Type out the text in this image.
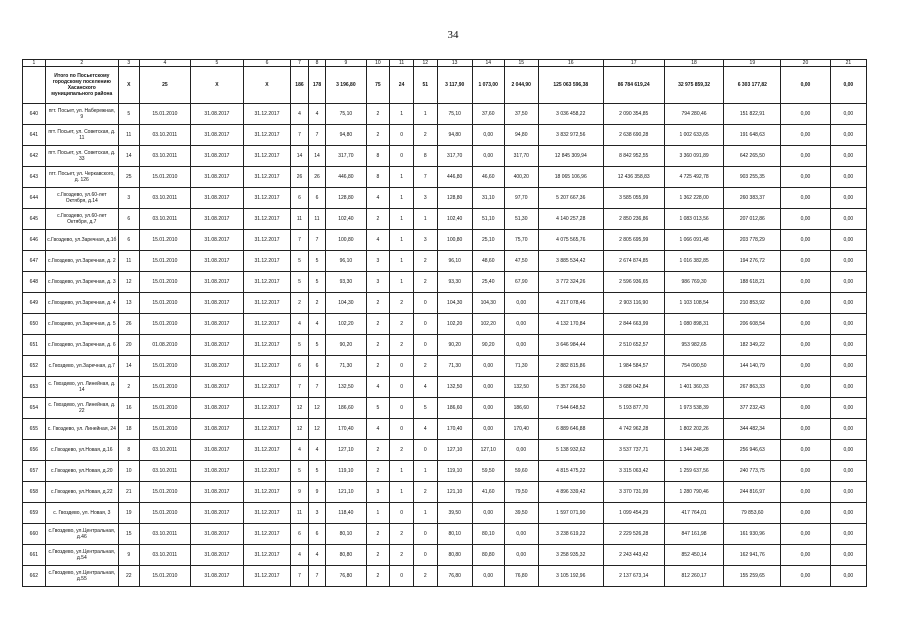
34
1	2	3	4	5	6	7	8	9	10	11	12	13	14	15	16	17	18	19	20	21
	Итого по Посьетскому городскому поселению Хасанского муниципального района	X	25	X	X	186	178	3 196,80	75	24	51	3 117,90	1 073,00	2 044,90	125 063 596,38	86 784 619,24	32 975 859,32	6 303 177,82	0,00	0,00
640	пгт. Посьет, ул. Набережная, 9	5	15.01.2010	31.08.2017	31.12.2017	4	4	75,10	2	1	1	75,10	37,60	37,50	3 036 458,22	2 090 354,85	794 280,46	151 822,91	0,00	0,00
641	пгт. Посьет, ул. Советская, д. 11	11	03.10.2011	31.08.2017	31.12.2017	7	7	94,80	2	0	2	94,80	0,00	94,80	3 832 972,56	2 638 690,28	1 002 633,65	191 648,63	0,00	0,00
642	пгт. Посьет, ул. Советская, д. 33	14	03.10.2011	31.08.2017	31.12.2017	14	14	317,70	8	0	8	317,70	0,00	317,70	12 845 309,94	8 842 952,55	3 360 091,89	642 265,50	0,00	0,00
643	пгт. Посьет, ул. Черкавского, д. 126	25	15.01.2010	31.08.2017	31.12.2017	26	26	446,80	8	1	7	446,80	46,60	400,20	18 065 106,96	12 436 358,83	4 725 492,78	903 255,35	0,00	0,00
644	с.Гвоздево, ул.60-лет Октября, д.14	3	03.10.2011	31.08.2017	31.12.2017	6	6	128,80	4	1	3	128,80	31,10	97,70	5 207 667,36	3 585 055,99	1 362 228,00	260 383,37	0,00	0,00
645	с.Гвоздево, ул.60-лет Октября, д.7	6	03.10.2011	31.08.2017	31.12.2017	11	11	102,40	2	1	1	102,40	51,10	51,30	4 140 257,28	2 850 236,86	1 083 013,56	207 012,86	0,00	0,00
646	с.Гвоздево, ул.Заречная, д.1б	6	15.01.2010	31.08.2017	31.12.2017	7	7	100,80	4	1	3	100,80	25,10	75,70	4 075 565,76	2 805 695,99	1 066 091,48	203 778,29	0,00	0,00
647	с.Гвоздево, ул.Заречная, д. 2	11	15.01.2010	31.08.2017	31.12.2017	5	5	96,10	3	1	2	96,10	48,60	47,50	3 885 534,42	2 674 874,85	1 016 382,85	194 276,72	0,00	0,00
648	с.Гвоздево, ул.Заречная, д. 3	12	15.01.2010	31.08.2017	31.12.2017	5	5	93,30	3	1	2	93,30	25,40	67,90	3 772 324,26	2 596 936,65	986 769,30	188 618,21	0,00	0,00
649	с.Гвоздево, ул.Заречная, д. 4	13	15.01.2010	31.08.2017	31.12.2017	2	2	104,30	2	2	0	104,30	104,30	0,00	4 217 078,46	2 903 116,90	1 103 108,54	210 853,92	0,00	0,00
650	с.Гвоздево, ул.Заречная, д. 5	26	15.01.2010	31.08.2017	31.12.2017	4	4	102,20	2	2	0	102,20	102,20	0,00	4 132 170,84	2 844 663,99	1 080 898,31	206 608,54	0,00	0,00
651	с.Гвоздево, ул.Заречная, д. 6	20	01.08.2010	31.08.2017	31.12.2017	5	5	90,20	2	2	0	90,20	90,20	0,00	3 646 984,44	2 510 652,57	953 982,65	182 349,22	0,00	0,00
652	с.Гвоздево, ул.Заречная, д.7	14	15.01.2010	31.08.2017	31.12.2017	6	6	71,30	2	0	2	71,30	0,00	71,30	2 882 815,86	1 984 584,57	754 090,50	144 140,79	0,00	0,00
653	с. Гвоздево, ул. Линейная, д. 14	2	15.01.2010	31.08.2017	31.12.2017	7	7	132,50	4	0	4	132,50	0,00	132,50	5 357 266,50	3 688 042,84	1 401 360,33	267 863,33	0,00	0,00
654	с. Гвоздево, ул. Линейная, д. 22	16	15.01.2010	31.08.2017	31.12.2017	12	12	186,60	5	0	5	186,60	0,00	186,60	7 544 648,52	5 193 877,70	1 973 538,39	377 232,43	0,00	0,00
655	с. Гвоздево, ул. Линейная, 24	18	15.01.2010	31.08.2017	31.12.2017	12	12	170,40	4	0	4	170,40	0,00	170,40	6 889 646,88	4 742 962,28	1 802 202,26	344 482,34	0,00	0,00
656	с.Гвоздево, ул.Новая, д.16	8	03.10.2011	31.08.2017	31.12.2017	4	4	127,10	2	2	0	127,10	127,10	0,00	5 138 932,62	3 537 737,71	1 344 248,28	256 946,63	0,00	0,00
657	с.Гвоздево, ул.Новая, д.20	10	03.10.2011	31.08.2017	31.12.2017	5	5	119,10	2	1	1	119,10	59,50	59,60	4 815 475,22	3 315 063,42	1 259 637,56	240 773,75	0,00	0,00
658	с.Гвоздево, ул.Новая, д.22	21	15.01.2010	31.08.2017	31.12.2017	9	9	121,10	3	1	2	121,10	41,60	79,50	4 896 339,42	3 370 731,99	1 280 790,46	244 816,97	0,00	0,00
659	с. Гвоздево, ул. Новая, 3	19	15.01.2010	31.08.2017	31.12.2017	11	3	118,40	1	0	1	39,50	0,00	39,50	1 597 071,90	1 099 454,29	417 764,01	79 853,60	0,00	0,00
660	с.Гвоздево, ул.Центральная, д.46	15	03.10.2011	31.08.2017	31.12.2017	6	6	80,10	2	2	0	80,10	80,10	0,00	3 238 619,22	2 229 526,28	847 161,98	161 930,96	0,00	0,00
661	с.Гвоздево, ул.Центральная, д.54	9	03.10.2011	31.08.2017	31.12.2017	4	4	80,80	2	2	0	80,80	80,80	0,00	3 258 935,32	2 243 443,42	852 450,14	162 941,76	0,00	0,00
662	с.Гвоздево, ул.Центральная, д.55	22	15.01.2010	31.08.2017	31.12.2017	7	7	76,80	2	0	2	76,80	0,00	76,80	3 105 192,96	2 137 673,14	812 260,17	155 259,65	0,00	0,00
